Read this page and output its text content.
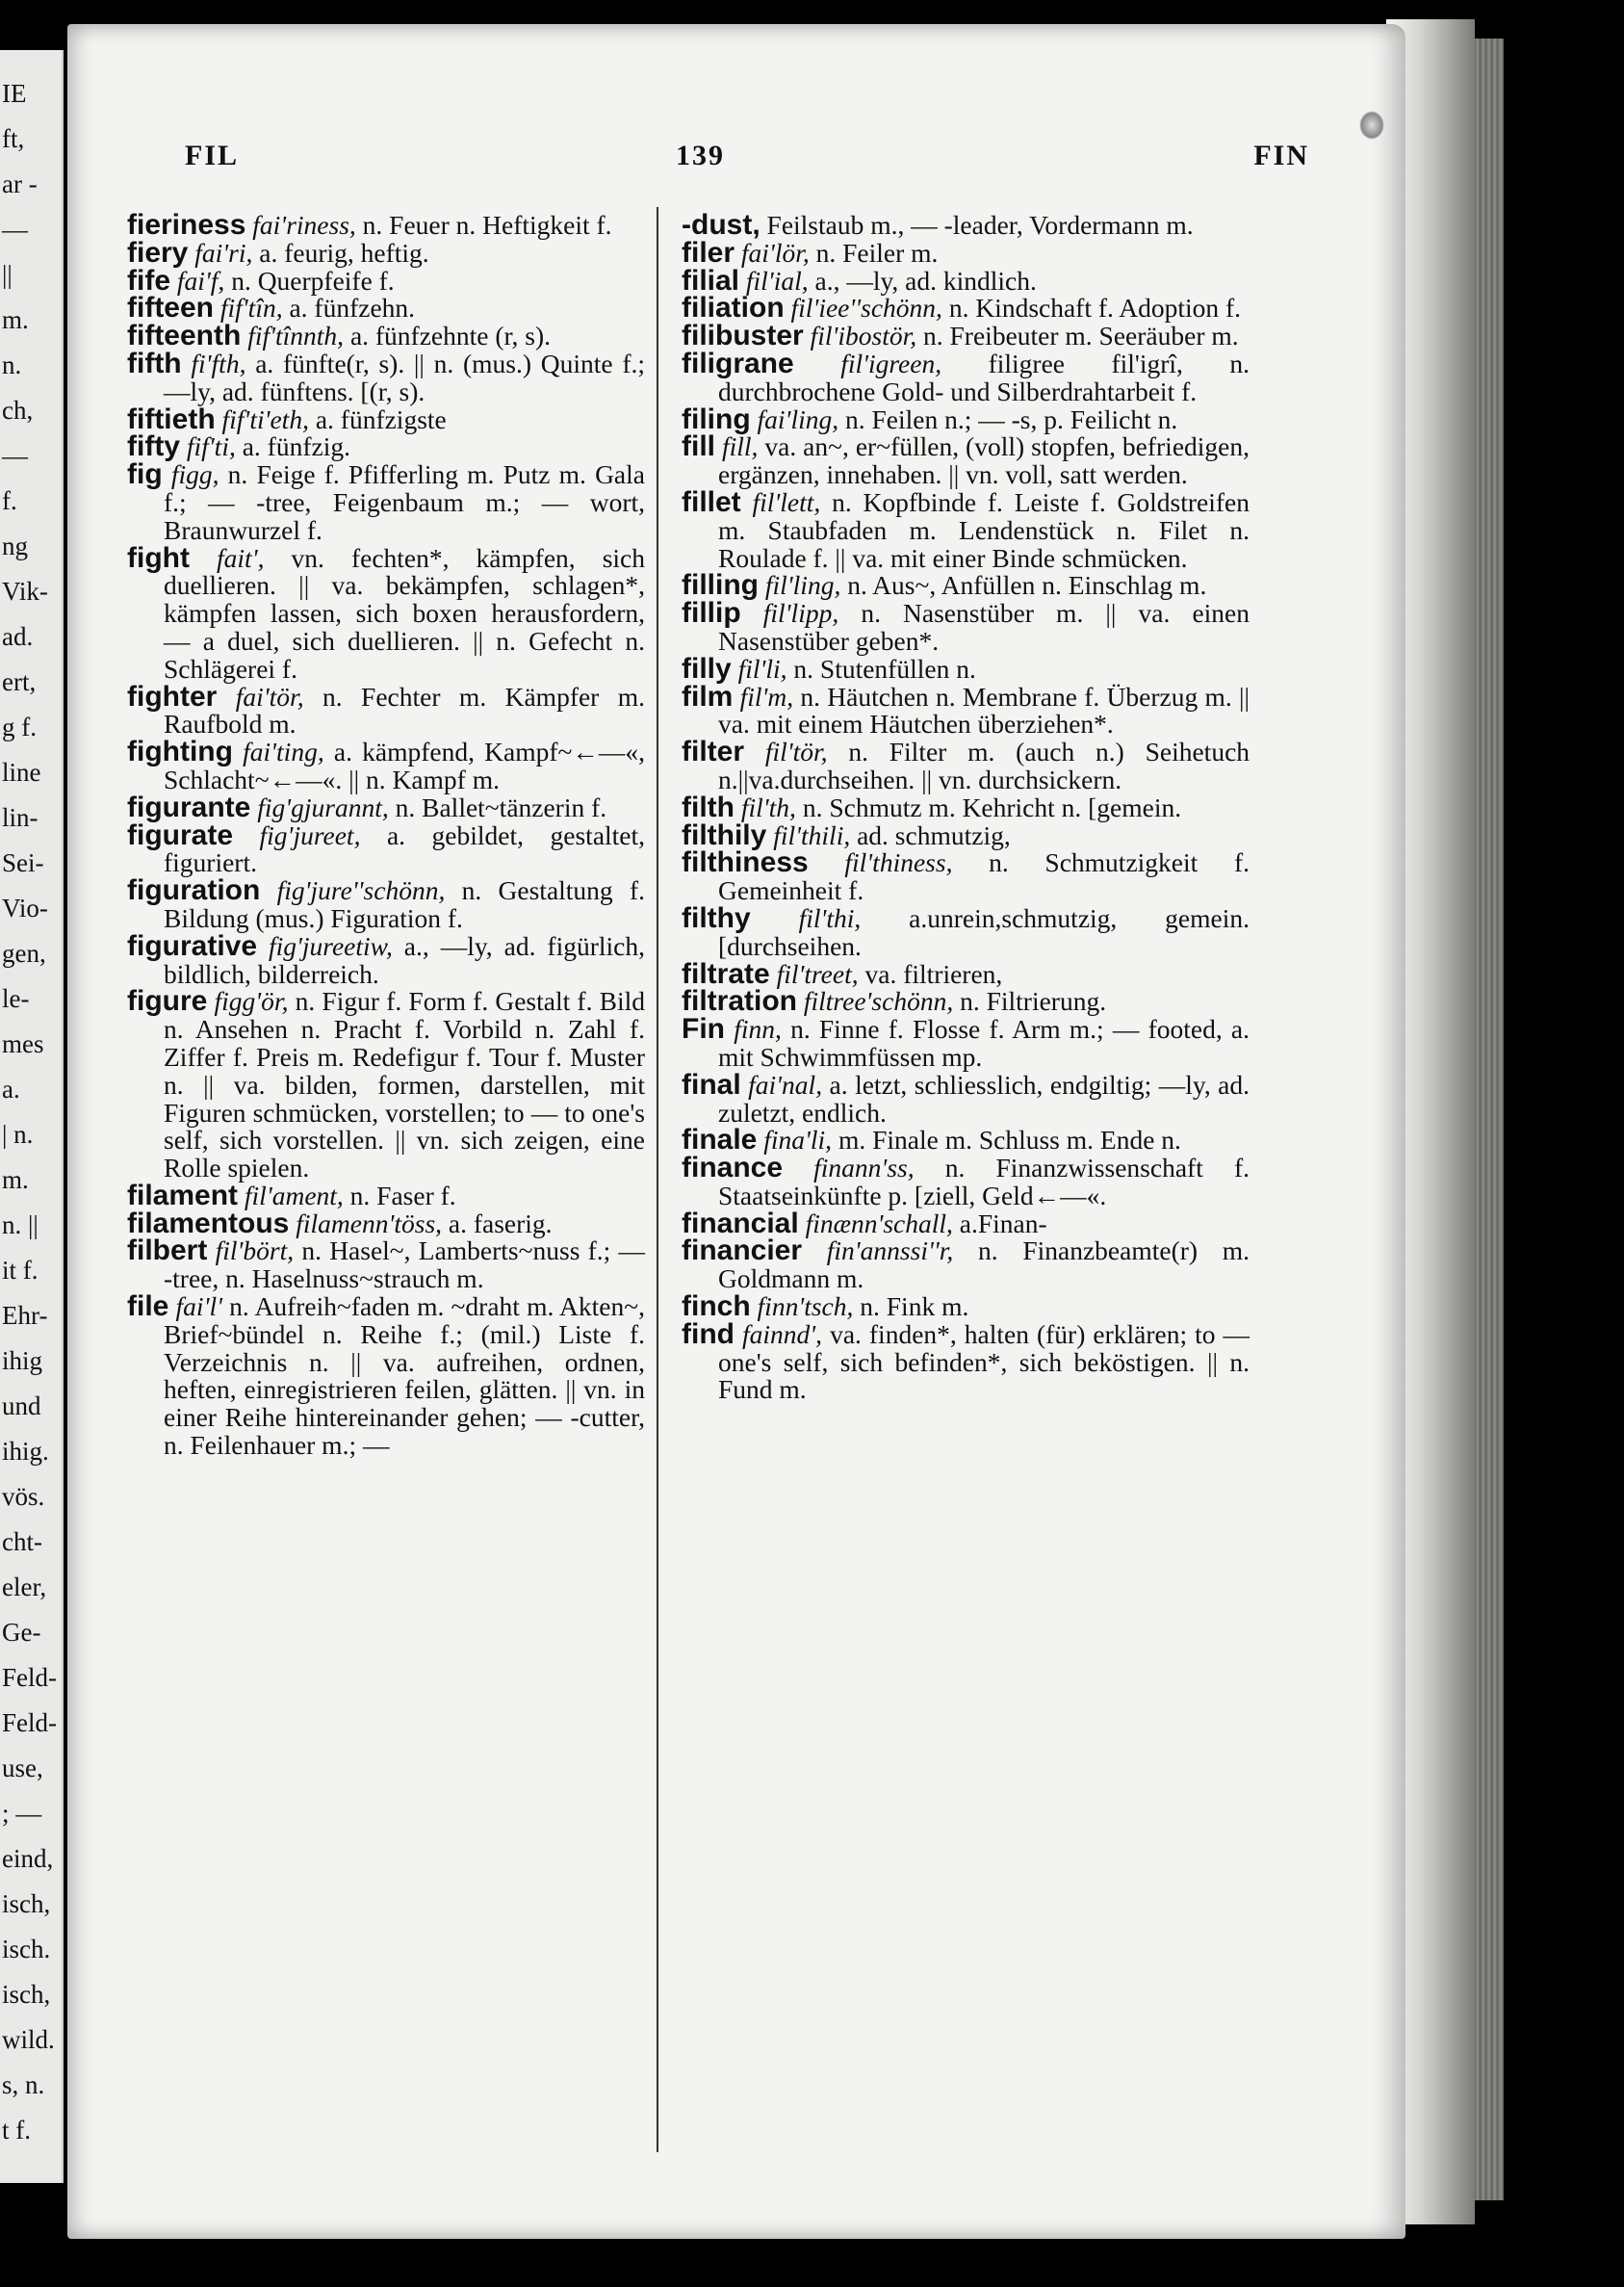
IE
ft,
ar -
—
||
m.
n.
ch,
—
f.
ng
Vik-
ad.
ert,
g f.
line
lin-
Sei-
Vio-
gen,
le-
mes
a.
| n.
m.
n. ||
it f.
Ehr-
ihig
und
ihig.
vös.
cht-
eler,
Ge-
Feld-
Feld-
use,
; —
eind,
isch,
isch.
isch,
wild.
s, n.
t f.
FIL	139	FIN

fieriness fai'riness, n. Feuer n. Heftigkeit f.

fiery fai'ri, a. feurig, heftig.

fife fai'f, n. Querpfeife f.

fifteen fif'tîn, a. fünfzehn.

fifteenth fif'tînnth, a. fünfzehnte (r, s).

fifth fi'fth, a. fünfte(r, s). || n. (mus.) Quinte f.; —ly, ad. fünftens. [(r, s).

fiftieth fif'ti'eth, a. fünfzigste

fifty fif'ti, a. fünfzig.

fig figg, n. Feige f. Pfifferling m. Putz m. Gala f.; — -tree, Feigenbaum m.; — wort, Braunwurzel f.

fight fait', vn. fechten*, kämpfen, sich duellieren. || va. bekämpfen, schlagen*, kämpfen lassen, sich boxen herausfordern, — a duel, sich duellieren. || n. Gefecht n. Schlägerei f.

fighter fai'tör, n. Fechter m. Kämpfer m. Raufbold m.

fighting fai'ting, a. kämpfend, Kampf~←—«, Schlacht~←—«. || n. Kampf m.

figurante fig'gjurannt, n. Ballet~tänzerin f.

figurate fig'jureet, a. gebildet, gestaltet, figuriert.

figuration fig'jure''schönn, n. Gestaltung f. Bildung (mus.) Figuration f.

figurative fig'jureetiw, a., —ly, ad. figürlich, bildlich, bilderreich.

figure figg'ör, n. Figur f. Form f. Gestalt f. Bild n. Ansehen n. Pracht f. Vorbild n. Zahl f. Ziffer f. Preis m. Redefigur f. Tour f. Muster n. || va. bilden, formen, darstellen, mit Figuren schmücken, vorstellen; to — to one's self, sich vorstellen. || vn. sich zeigen, eine Rolle spielen.

filament fil'ament, n. Faser f.

filamentous filamenn'töss, a. faserig.

filbert fil'bört, n. Hasel~, Lamberts~nuss f.; — -tree, n. Haselnuss~strauch m.

file fai'l' n. Aufreih~faden m. ~draht m. Akten~, Brief~bündel n. Reihe f.; (mil.) Liste f. Verzeichnis n. || va. aufreihen, ordnen, heften, einregistrieren feilen, glätten. || vn. in einer Reihe hintereinander gehen; — -cutter, n. Feilenhauer m.; —

-dust, Feilstaub m., — -leader, Vordermann m.

filer fai'lör, n. Feiler m.

filial fil'ial, a., —ly, ad. kindlich.

filiation fil'iee''schönn, n. Kindschaft f. Adoption f.

filibuster fil'ibostör, n. Freibeuter m. Seeräuber m.

filigrane fil'igreen, filigree fil'igrî, n. durchbrochene Gold- und Silberdrahtarbeit f.

filing fai'ling, n. Feilen n.; — -s, p. Feilicht n.

fill fill, va. an~, er~füllen, (voll) stopfen, befriedigen, ergänzen, innehaben. || vn. voll, satt werden.

fillet fil'lett, n. Kopfbinde f. Leiste f. Goldstreifen m. Staubfaden m. Lendenstück n. Filet n. Roulade f. || va. mit einer Binde schmücken.

filling fil'ling, n. Aus~, Anfüllen n. Einschlag m.

fillip fil'lipp, n. Nasenstüber m. || va. einen Nasenstüber geben*.

filly fil'li, n. Stutenfüllen n.

film fil'm, n. Häutchen n. Membrane f. Überzug m. || va. mit einem Häutchen überziehen*.

filter fil'tör, n. Filter m. (auch n.) Seihetuch n.||va.durchseihen. || vn. durchsickern.

filth fil'th, n. Schmutz m. Kehricht n. [gemein.

filthily fil'thili, ad. schmutzig,

filthiness fil'thiness, n. Schmutzigkeit f. Gemeinheit f.

filthy fil'thi, a.unrein,schmutzig, gemein. [durchseihen.

filtrate fil'treet, va. filtrieren,

filtration filtree'schönn, n. Filtrierung.

Fin finn, n. Finne f. Flosse f. Arm m.; — footed, a. mit Schwimmfüssen mp.

final fai'nal, a. letzt, schliesslich, endgiltig; —ly, ad. zuletzt, endlich.

finale fina'li, m. Finale m. Schluss m. Ende n.

finance finann'ss, n. Finanzwissenschaft f. Staatseinkünfte p. [ziell, Geld←—«.

financial finænn'schall, a.Finan-

financier fin'annssi''r, n. Finanzbeamte(r) m. Goldmann m.

finch finn'tsch, n. Fink m.

find fainnd', va. finden*, halten (für) erklären; to — one's self, sich befinden*, sich beköstigen. || n. Fund m.
